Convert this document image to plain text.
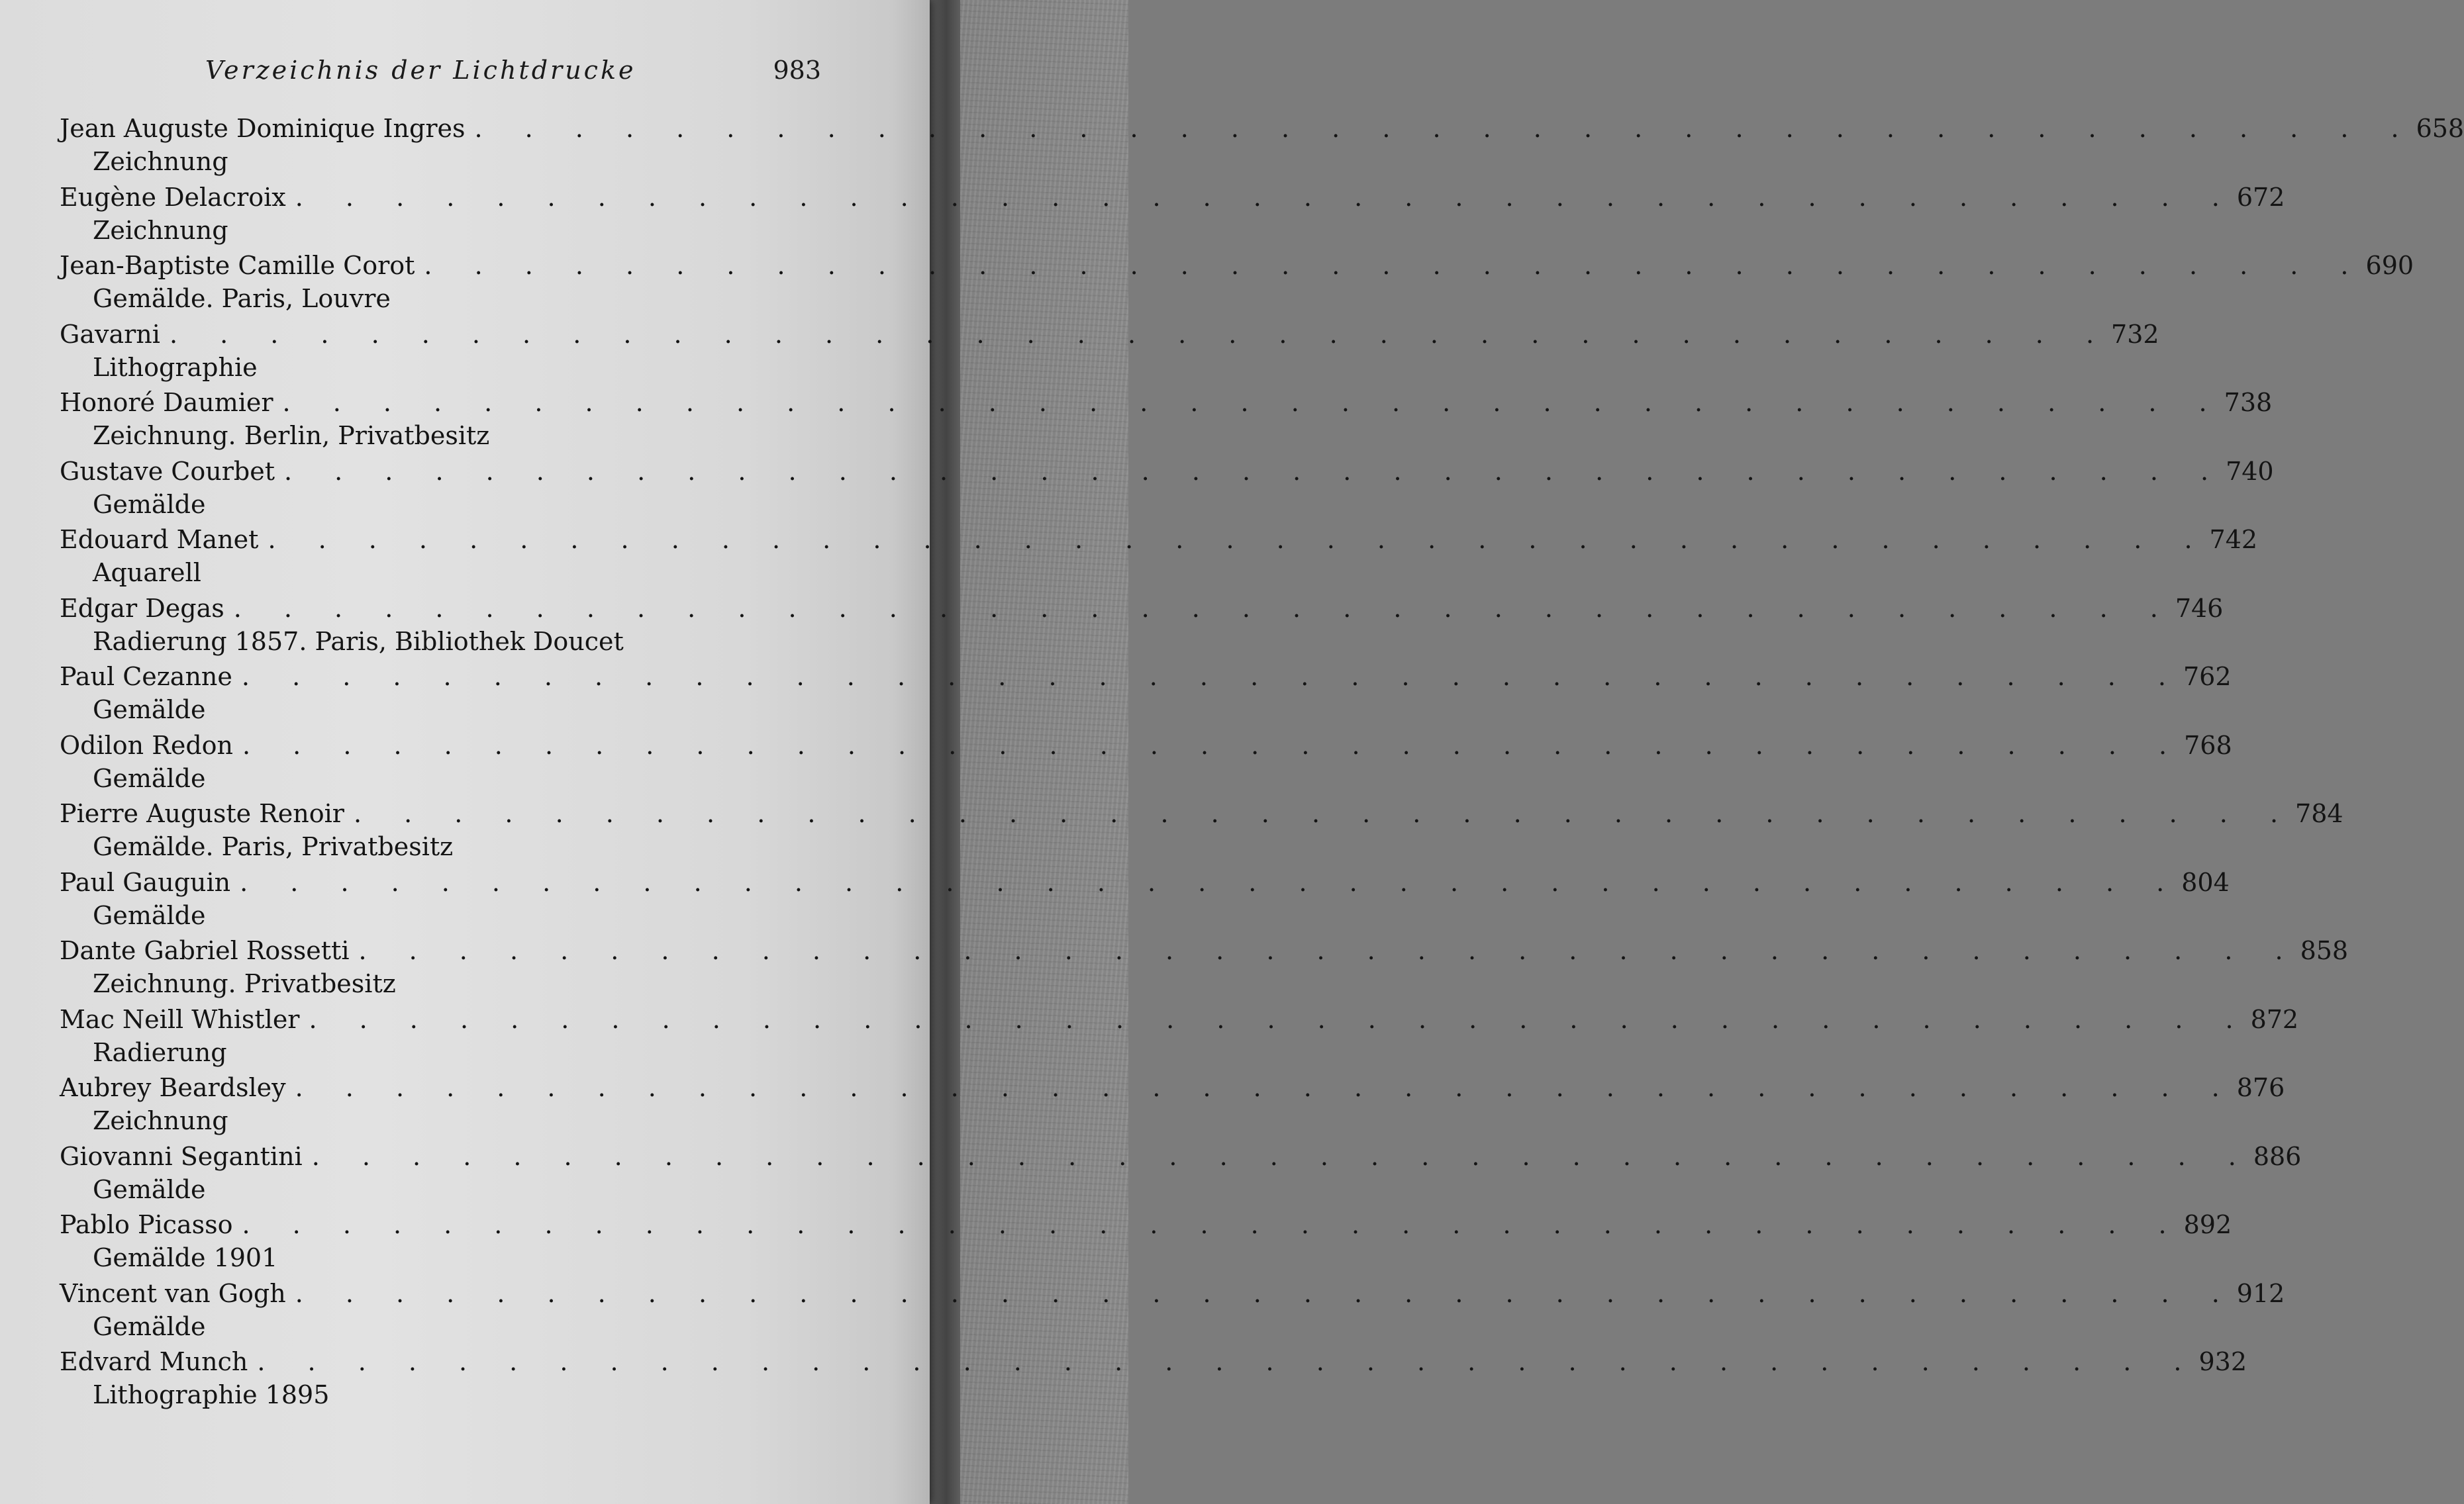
Verzeichnis der Lichtdrucke	983
Jean Auguste Dominique Ingres . . . . . . . . . . . . . . . . . . . . . . . . . . . . . . . . . . . . . . . 658
Zeichnung
Eugène Delacroix . . . . . . . . . . . . . . . . . . . . . . . . . . . . . . . . . . . . . . . 672
Zeichnung
Jean-Baptiste Camille Corot . . . . . . . . . . . . . . . . . . . . . . . . . . . . . . . . . . . . . . . 690
Gemälde. Paris, Louvre
Gavarni . . . . . . . . . . . . . . . . . . . . . . . . . . . . . . . . . . . . . . . 732
Lithographie
Honoré Daumier . . . . . . . . . . . . . . . . . . . . . . . . . . . . . . . . . . . . . . . 738
Zeichnung. Berlin, Privatbesitz
Gustave Courbet . . . . . . . . . . . . . . . . . . . . . . . . . . . . . . . . . . . . . . . 740
Gemälde
Edouard Manet . . . . . . . . . . . . . . . . . . . . . . . . . . . . . . . . . . . . . . . 742
Aquarell
Edgar Degas . . . . . . . . . . . . . . . . . . . . . . . . . . . . . . . . . . . . . . . 746
Radierung 1857. Paris, Bibliothek Doucet
Paul Cezanne . . . . . . . . . . . . . . . . . . . . . . . . . . . . . . . . . . . . . . . 762
Gemälde
Odilon Redon . . . . . . . . . . . . . . . . . . . . . . . . . . . . . . . . . . . . . . . 768
Gemälde
Pierre Auguste Renoir . . . . . . . . . . . . . . . . . . . . . . . . . . . . . . . . . . . . . . . 784
Gemälde. Paris, Privatbesitz
Paul Gauguin . . . . . . . . . . . . . . . . . . . . . . . . . . . . . . . . . . . . . . . 804
Gemälde
Dante Gabriel Rossetti . . . . . . . . . . . . . . . . . . . . . . . . . . . . . . . . . . . . . . . 858
Zeichnung. Privatbesitz
Mac Neill Whistler . . . . . . . . . . . . . . . . . . . . . . . . . . . . . . . . . . . . . . . 872
Radierung
Aubrey Beardsley . . . . . . . . . . . . . . . . . . . . . . . . . . . . . . . . . . . . . . . 876
Zeichnung
Giovanni Segantini . . . . . . . . . . . . . . . . . . . . . . . . . . . . . . . . . . . . . . . 886
Gemälde
Pablo Picasso . . . . . . . . . . . . . . . . . . . . . . . . . . . . . . . . . . . . . . . 892
Gemälde 1901
Vincent van Gogh . . . . . . . . . . . . . . . . . . . . . . . . . . . . . . . . . . . . . . . 912
Gemälde
Edvard Munch . . . . . . . . . . . . . . . . . . . . . . . . . . . . . . . . . . . . . . . 932
Lithographie 1895
